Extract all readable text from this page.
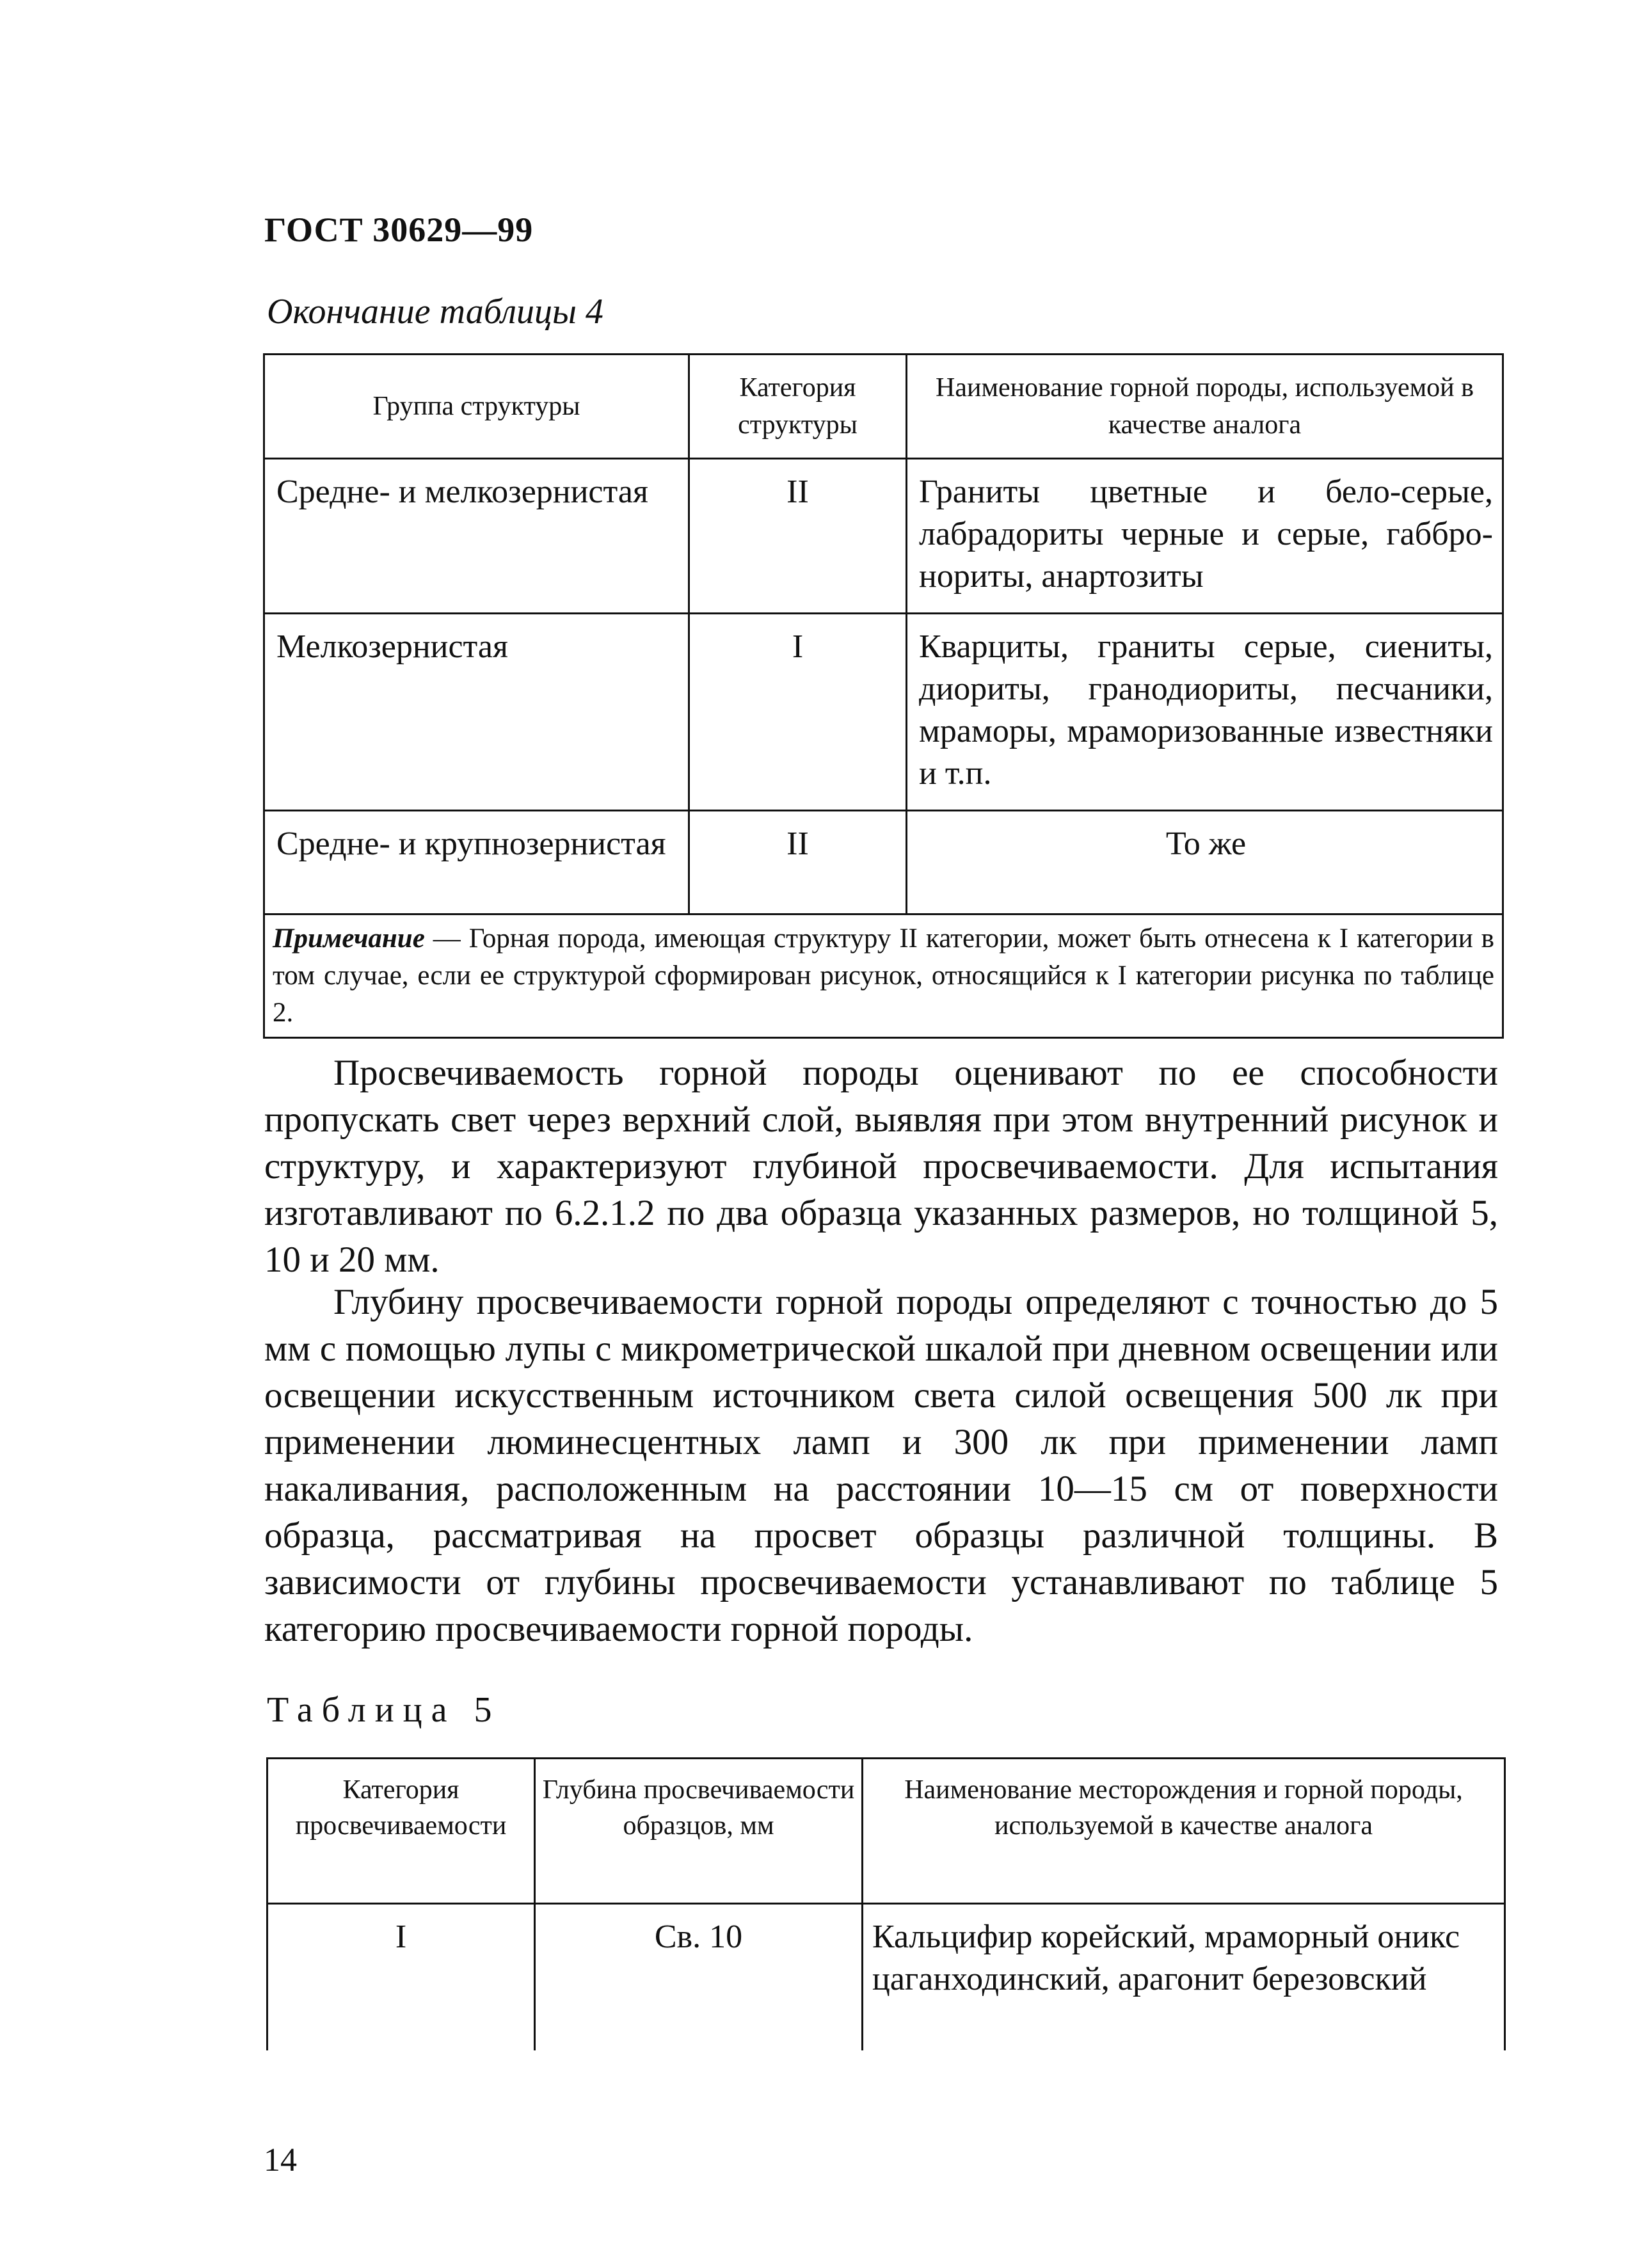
ГОСТ 30629—99
Окончание таблицы 4
Группа структуры	Категория структуры	Наименование горной породы, используемой в качестве аналога
Средне- и мелкозернистая	II	Граниты цветные и бело-серые, лабрадориты черные и серые, габбро-нориты, анартозиты
Мелкозернистая	I	Кварциты, граниты серые, сиениты, диориты, гранодиориты, песчаники, мраморы, мраморизованные известняки и т.п.
Средне- и крупнозернистая	II	То же
Примечание — Горная порода, имеющая структуру II категории, может быть отнесена к I категории в том случае, если ее структурой сформирован рисунок, относящийся к I категории рисунка по таблице 2.		

Просвечиваемость горной породы оценивают по ее способности пропускать свет через верхний слой, выявляя при этом внутренний рисунок и структуру, и характеризуют глубиной просвечиваемости. Для испытания изготавливают по 6.2.1.2 по два образца указанных размеров, но толщиной 5, 10 и 20 мм.

Глубину просвечиваемости горной породы определяют с точностью до 5 мм с помощью лупы с микрометрической шкалой при дневном освещении или освещении искусственным источником света силой освещения 500 лк при применении люминесцентных ламп и 300 лк при применении ламп накаливания, расположенным на расстоянии 10—15 см от поверхности образца, рассматривая на просвет образцы различной толщины. В зависимости от глубины просвечиваемости устанавливают по таблице 5 категорию просвечиваемости горной породы.

Таблица 5
Категория просвечиваемости	Глубина просвечиваемости образцов, мм	Наименование месторождения и горной породы, используемой в качестве аналога
I	Св. 10	Кальцифир корейский, мраморный оникс цаганходинский, арагонит березовский
14
